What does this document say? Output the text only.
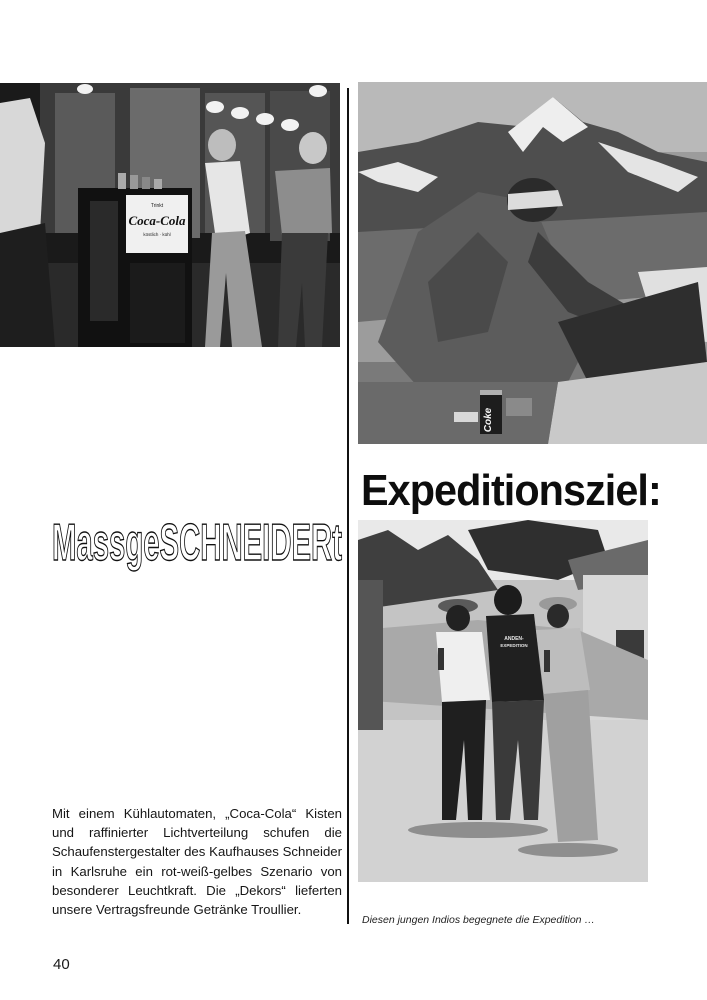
Trinkt
Coca-Cola
köstlich · kühl
Coke
MassgeSCHNEIDERt
Expeditionsziel:
ANDEN-
EXPEDITION
Mit einem Kühlautomaten, „Coca-Cola“ Kisten und raffinierter Lichtverteilung schufen die Schaufenstergestalter des Kaufhauses Schneider in Karlsruhe ein rot-weiß-gelbes Szenario von besonderer Leuchtkraft. Die „Dekors“ lieferten unsere Vertragsfreunde Getränke Troullier.
Diesen jungen Indios begegnete die Expedition …
40
